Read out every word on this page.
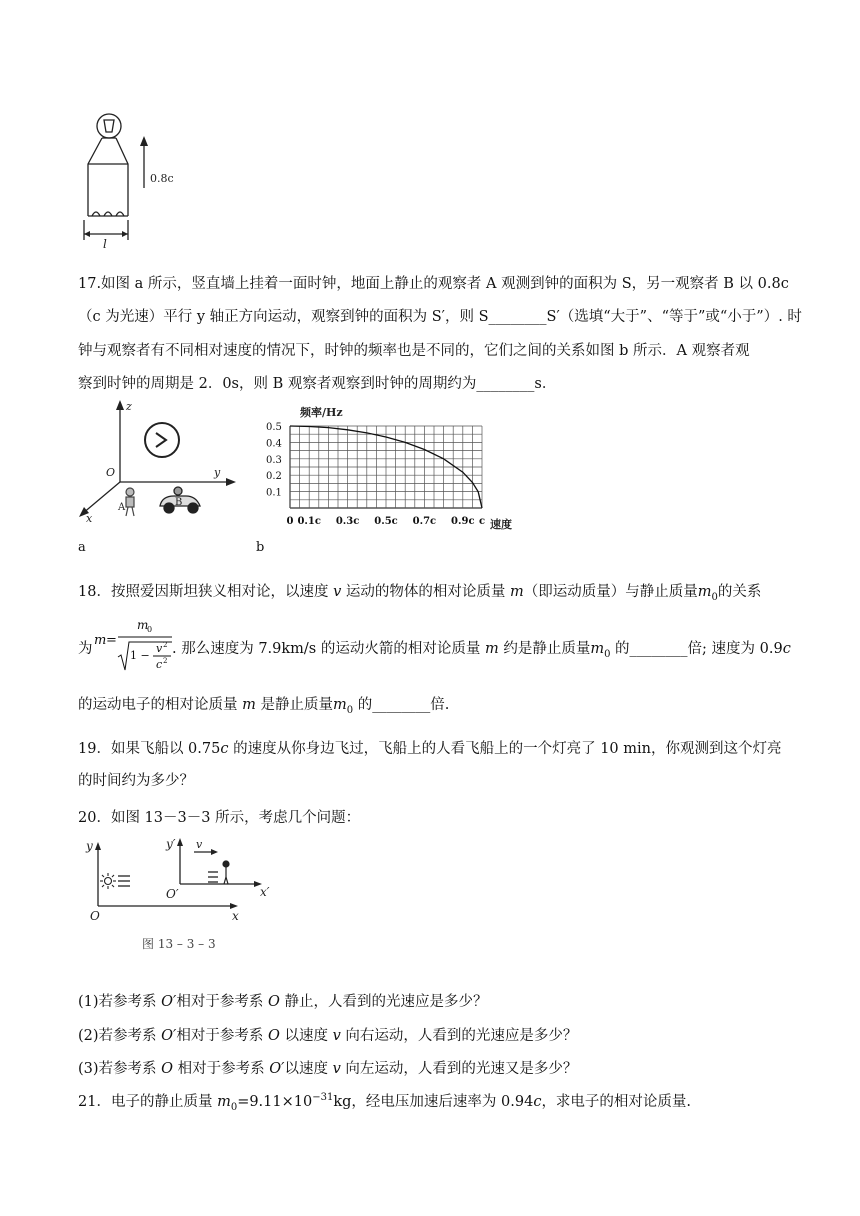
0.8c
l
17.如图 a 所示，竖直墙上挂着一面时钟，地面上静止的观察者 A 观测到钟的面积为 S，另一观察者 B 以 0.8c
（c 为光速）平行 y 轴正方向运动，观察到钟的面积为 S′，则 S________S′（选填“大于”、“等于”或“小于”）. 时
钟与观察者有不同相对速度的情况下，时钟的频率也是不同的，它们之间的关系如图 b 所示．A 观察者观
察到时钟的周期是 2．0s，则 B 观察者观察到时钟的周期约为________s．
z
y
x
O
A	B
a
频率/Hz
速度
0.1
0.2
0.3
0.4
0.5
0 0.1c 0.3c 0.5c 0.7c 0.9c c
b
18．按照爱因斯坦狭义相对论，以速度 v 运动的物体的相对论质量 m（即运动质量）与静止质量$m_0$的关系
为
m =
m
0
1 −
v 2
c 2
. 那么速度为 7.9km/s 的运动火箭的相对论质量 m 约是静止质量$m_0$ 的________倍; 速度为 0.9c
的运动电子的相对论质量 m 是静止质量$m_0$ 的________倍.
19．如果飞船以 0.75c 的速度从你身边飞过，飞船上的人看飞船上的一个灯亮了 10 min，你观测到这个灯亮
的时间约为多少？
20．如图 13－3－3 所示，考虑几个问题：
y	y′ v
O
O′
x
x′
图 13 – 3 – 3
(1)若参考系 O′相对于参考系 O 静止，人看到的光速应是多少？
(2)若参考系 O′相对于参考系 O 以速度 v 向右运动，人看到的光速应是多少？
(3)若参考系 O 相对于参考系 O′以速度 v 向左运动，人看到的光速又是多少？
21．电子的静止质量 $m_0=9.11\times 10^{-31}kg$，经电压加速后速率为 0.94c，求电子的相对论质量.
